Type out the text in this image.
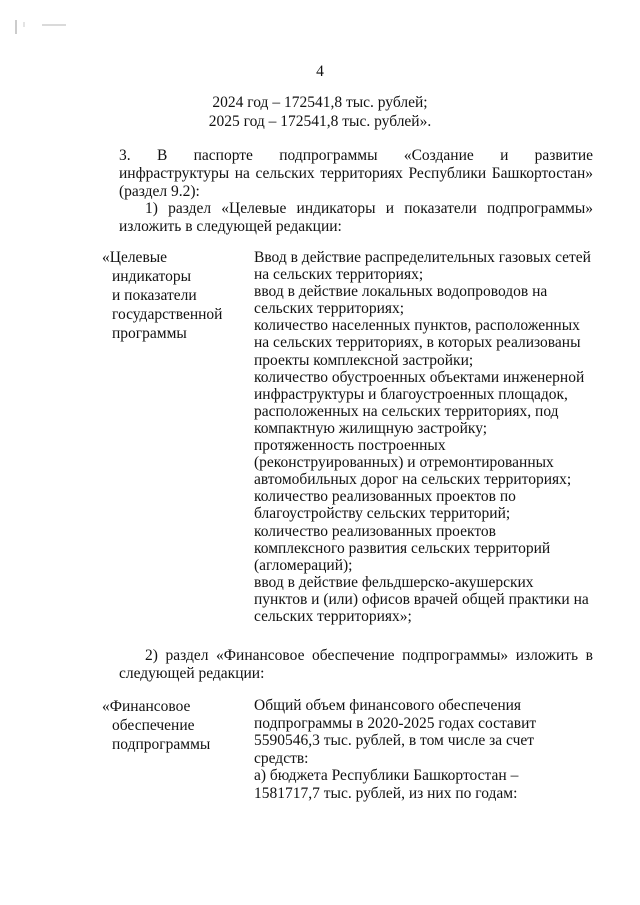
4
2024 год – 172541,8 тыс. рублей;
2025 год – 172541,8 тыс. рублей».
3. В паспорте подпрограммы «Создание и развитие
инфраструктуры на сельских территориях Республики Башкортостан»
(раздел 9.2):
1) раздел «Целевые индикаторы и показатели подпрограммы»
изложить в следующей редакции:
«Целевые
индикаторы
и показатели
государственной
программы
Ввод в действие распределительных газовых сетей
на сельских территориях;
ввод в действие локальных водопроводов на
сельских территориях;
количество населенных пунктов, расположенных
на сельских территориях, в которых реализованы
проекты комплексной застройки;
количество обустроенных объектами инженерной
инфраструктуры и благоустроенных площадок,
расположенных на сельских территориях, под
компактную жилищную застройку;
протяженность построенных
(реконструированных) и отремонтированных
автомобильных дорог на сельских территориях;
количество реализованных проектов по
благоустройству сельских территорий;
количество реализованных проектов
комплексного развития сельских территорий
(агломераций);
ввод в действие фельдшерско-акушерских
пунктов и (или) офисов врачей общей практики на
сельских территориях»;
2) раздел «Финансовое обеспечение подпрограммы» изложить в
следующей редакции:
«Финансовое
обеспечение
подпрограммы
Общий объем финансового обеспечения
подпрограммы в 2020-2025 годах составит
5590546,3 тыс. рублей, в том числе за счет
средств:
а) бюджета Республики Башкортостан –
1581717,7 тыс. рублей, из них по годам:
